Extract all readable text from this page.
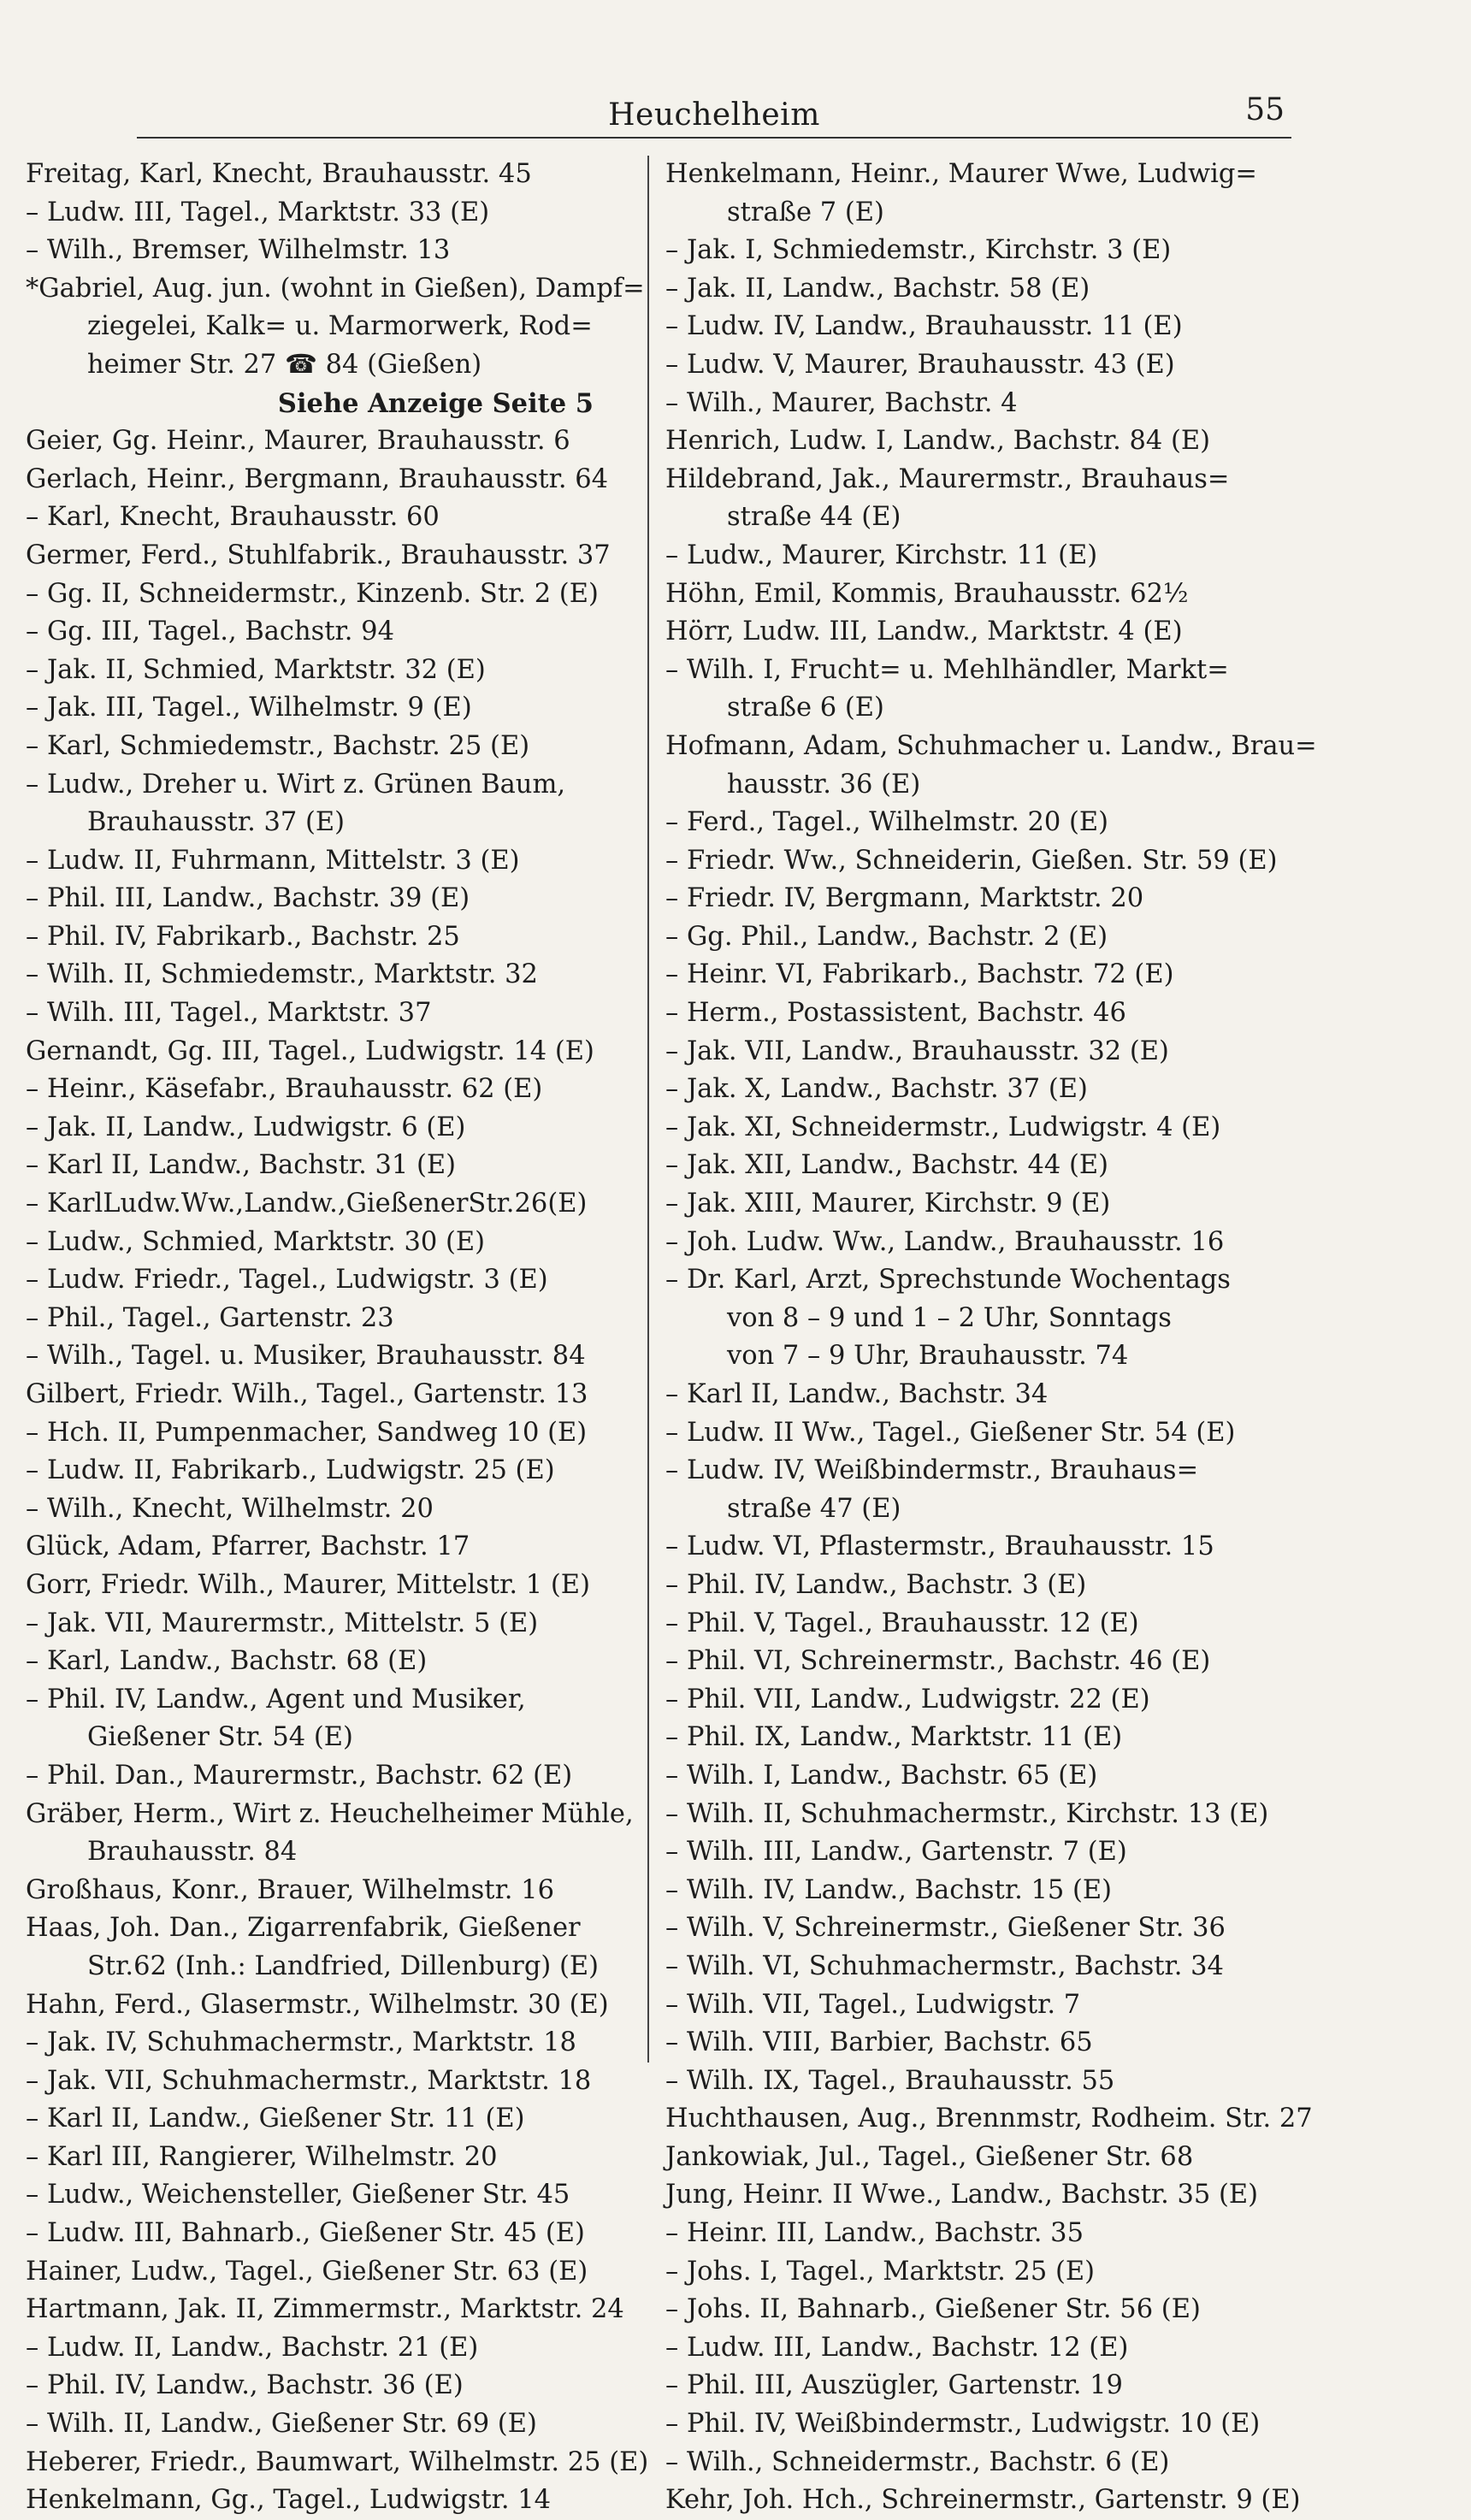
Heuchelheim	55
Freitag, Karl, Knecht, Brauhausstr. 45
– Ludw. III, Tagel., Marktstr. 33 (E)
– Wilh., Bremser, Wilhelmstr. 13
*Gabriel, Aug. jun. (wohnt in Gießen), Dampf=
ziegelei, Kalk= u. Marmorwerk, Rod=
heimer Str. 27 ☎ 84 (Gießen)
Siehe Anzeige Seite 5
Geier, Gg. Heinr., Maurer, Brauhausstr. 6
Gerlach, Heinr., Bergmann, Brauhausstr. 64
– Karl, Knecht, Brauhausstr. 60
Germer, Ferd., Stuhlfabrik., Brauhausstr. 37
– Gg. II, Schneidermstr., Kinzenb. Str. 2 (E)
– Gg. III, Tagel., Bachstr. 94
– Jak. II, Schmied, Marktstr. 32 (E)
– Jak. III, Tagel., Wilhelmstr. 9 (E)
– Karl, Schmiedemstr., Bachstr. 25 (E)
– Ludw., Dreher u. Wirt z. Grünen Baum,
Brauhausstr. 37 (E)
– Ludw. II, Fuhrmann, Mittelstr. 3 (E)
– Phil. III, Landw., Bachstr. 39 (E)
– Phil. IV, Fabrikarb., Bachstr. 25
– Wilh. II, Schmiedemstr., Marktstr. 32
– Wilh. III, Tagel., Marktstr. 37
Gernandt, Gg. III, Tagel., Ludwigstr. 14 (E)
– Heinr., Käsefabr., Brauhausstr. 62 (E)
– Jak. II, Landw., Ludwigstr. 6 (E)
– Karl II, Landw., Bachstr. 31 (E)
– KarlLudw.Ww.,Landw.,GießenerStr.26(E)
– Ludw., Schmied, Marktstr. 30 (E)
– Ludw. Friedr., Tagel., Ludwigstr. 3 (E)
– Phil., Tagel., Gartenstr. 23
– Wilh., Tagel. u. Musiker, Brauhausstr. 84
Gilbert, Friedr. Wilh., Tagel., Gartenstr. 13
– Hch. II, Pumpenmacher, Sandweg 10 (E)
– Ludw. II, Fabrikarb., Ludwigstr. 25 (E)
– Wilh., Knecht, Wilhelmstr. 20
Glück, Adam, Pfarrer, Bachstr. 17
Gorr, Friedr. Wilh., Maurer, Mittelstr. 1 (E)
– Jak. VII, Maurermstr., Mittelstr. 5 (E)
– Karl, Landw., Bachstr. 68 (E)
– Phil. IV, Landw., Agent und Musiker,
Gießener Str. 54 (E)
– Phil. Dan., Maurermstr., Bachstr. 62 (E)
Gräber, Herm., Wirt z. Heuchelheimer Mühle,
Brauhausstr. 84
Großhaus, Konr., Brauer, Wilhelmstr. 16
Haas, Joh. Dan., Zigarrenfabrik, Gießener
Str.62 (Inh.: Landfried, Dillenburg) (E)
Hahn, Ferd., Glasermstr., Wilhelmstr. 30 (E)
– Jak. IV, Schuhmachermstr., Marktstr. 18
– Jak. VII, Schuhmachermstr., Marktstr. 18
– Karl II, Landw., Gießener Str. 11 (E)
– Karl III, Rangierer, Wilhelmstr. 20
– Ludw., Weichensteller, Gießener Str. 45
– Ludw. III, Bahnarb., Gießener Str. 45 (E)
Hainer, Ludw., Tagel., Gießener Str. 63 (E)
Hartmann, Jak. II, Zimmermstr., Marktstr. 24
– Ludw. II, Landw., Bachstr. 21 (E)
– Phil. IV, Landw., Bachstr. 36 (E)
– Wilh. II, Landw., Gießener Str. 69 (E)
Heberer, Friedr., Baumwart, Wilhelmstr. 25 (E)
Henkelmann, Gg., Tagel., Ludwigstr. 14
Henkelmann, Heinr., Maurer Wwe, Ludwig=
straße 7 (E)
– Jak. I, Schmiedemstr., Kirchstr. 3 (E)
– Jak. II, Landw., Bachstr. 58 (E)
– Ludw. IV, Landw., Brauhausstr. 11 (E)
– Ludw. V, Maurer, Brauhausstr. 43 (E)
– Wilh., Maurer, Bachstr. 4
Henrich, Ludw. I, Landw., Bachstr. 84 (E)
Hildebrand, Jak., Maurermstr., Brauhaus=
straße 44 (E)
– Ludw., Maurer, Kirchstr. 11 (E)
Höhn, Emil, Kommis, Brauhausstr. 62½
Hörr, Ludw. III, Landw., Marktstr. 4 (E)
– Wilh. I, Frucht= u. Mehlhändler, Markt=
straße 6 (E)
Hofmann, Adam, Schuhmacher u. Landw., Brau=
hausstr. 36 (E)
– Ferd., Tagel., Wilhelmstr. 20 (E)
– Friedr. Ww., Schneiderin, Gießen. Str. 59 (E)
– Friedr. IV, Bergmann, Marktstr. 20
– Gg. Phil., Landw., Bachstr. 2 (E)
– Heinr. VI, Fabrikarb., Bachstr. 72 (E)
– Herm., Postassistent, Bachstr. 46
– Jak. VII, Landw., Brauhausstr. 32 (E)
– Jak. X, Landw., Bachstr. 37 (E)
– Jak. XI, Schneidermstr., Ludwigstr. 4 (E)
– Jak. XII, Landw., Bachstr. 44 (E)
– Jak. XIII, Maurer, Kirchstr. 9 (E)
– Joh. Ludw. Ww., Landw., Brauhausstr. 16
– Dr. Karl, Arzt, Sprechstunde Wochentags
von 8 – 9 und 1 – 2 Uhr, Sonntags
von 7 – 9 Uhr, Brauhausstr. 74
– Karl II, Landw., Bachstr. 34
– Ludw. II Ww., Tagel., Gießener Str. 54 (E)
– Ludw. IV, Weißbindermstr., Brauhaus=
straße 47 (E)
– Ludw. VI, Pflastermstr., Brauhausstr. 15
– Phil. IV, Landw., Bachstr. 3 (E)
– Phil. V, Tagel., Brauhausstr. 12 (E)
– Phil. VI, Schreinermstr., Bachstr. 46 (E)
– Phil. VII, Landw., Ludwigstr. 22 (E)
– Phil. IX, Landw., Marktstr. 11 (E)
– Wilh. I, Landw., Bachstr. 65 (E)
– Wilh. II, Schuhmachermstr., Kirchstr. 13 (E)
– Wilh. III, Landw., Gartenstr. 7 (E)
– Wilh. IV, Landw., Bachstr. 15 (E)
– Wilh. V, Schreinermstr., Gießener Str. 36
– Wilh. VI, Schuhmachermstr., Bachstr. 34
– Wilh. VII, Tagel., Ludwigstr. 7
– Wilh. VIII, Barbier, Bachstr. 65
– Wilh. IX, Tagel., Brauhausstr. 55
Huchthausen, Aug., Brennmstr, Rodheim. Str. 27
Jankowiak, Jul., Tagel., Gießener Str. 68
Jung, Heinr. II Wwe., Landw., Bachstr. 35 (E)
– Heinr. III, Landw., Bachstr. 35
– Johs. I, Tagel., Marktstr. 25 (E)
– Johs. II, Bahnarb., Gießener Str. 56 (E)
– Ludw. III, Landw., Bachstr. 12 (E)
– Phil. III, Auszügler, Gartenstr. 19
– Phil. IV, Weißbindermstr., Ludwigstr. 10 (E)
– Wilh., Schneidermstr., Bachstr. 6 (E)
Kehr, Joh. Hch., Schreinermstr., Gartenstr. 9 (E)
